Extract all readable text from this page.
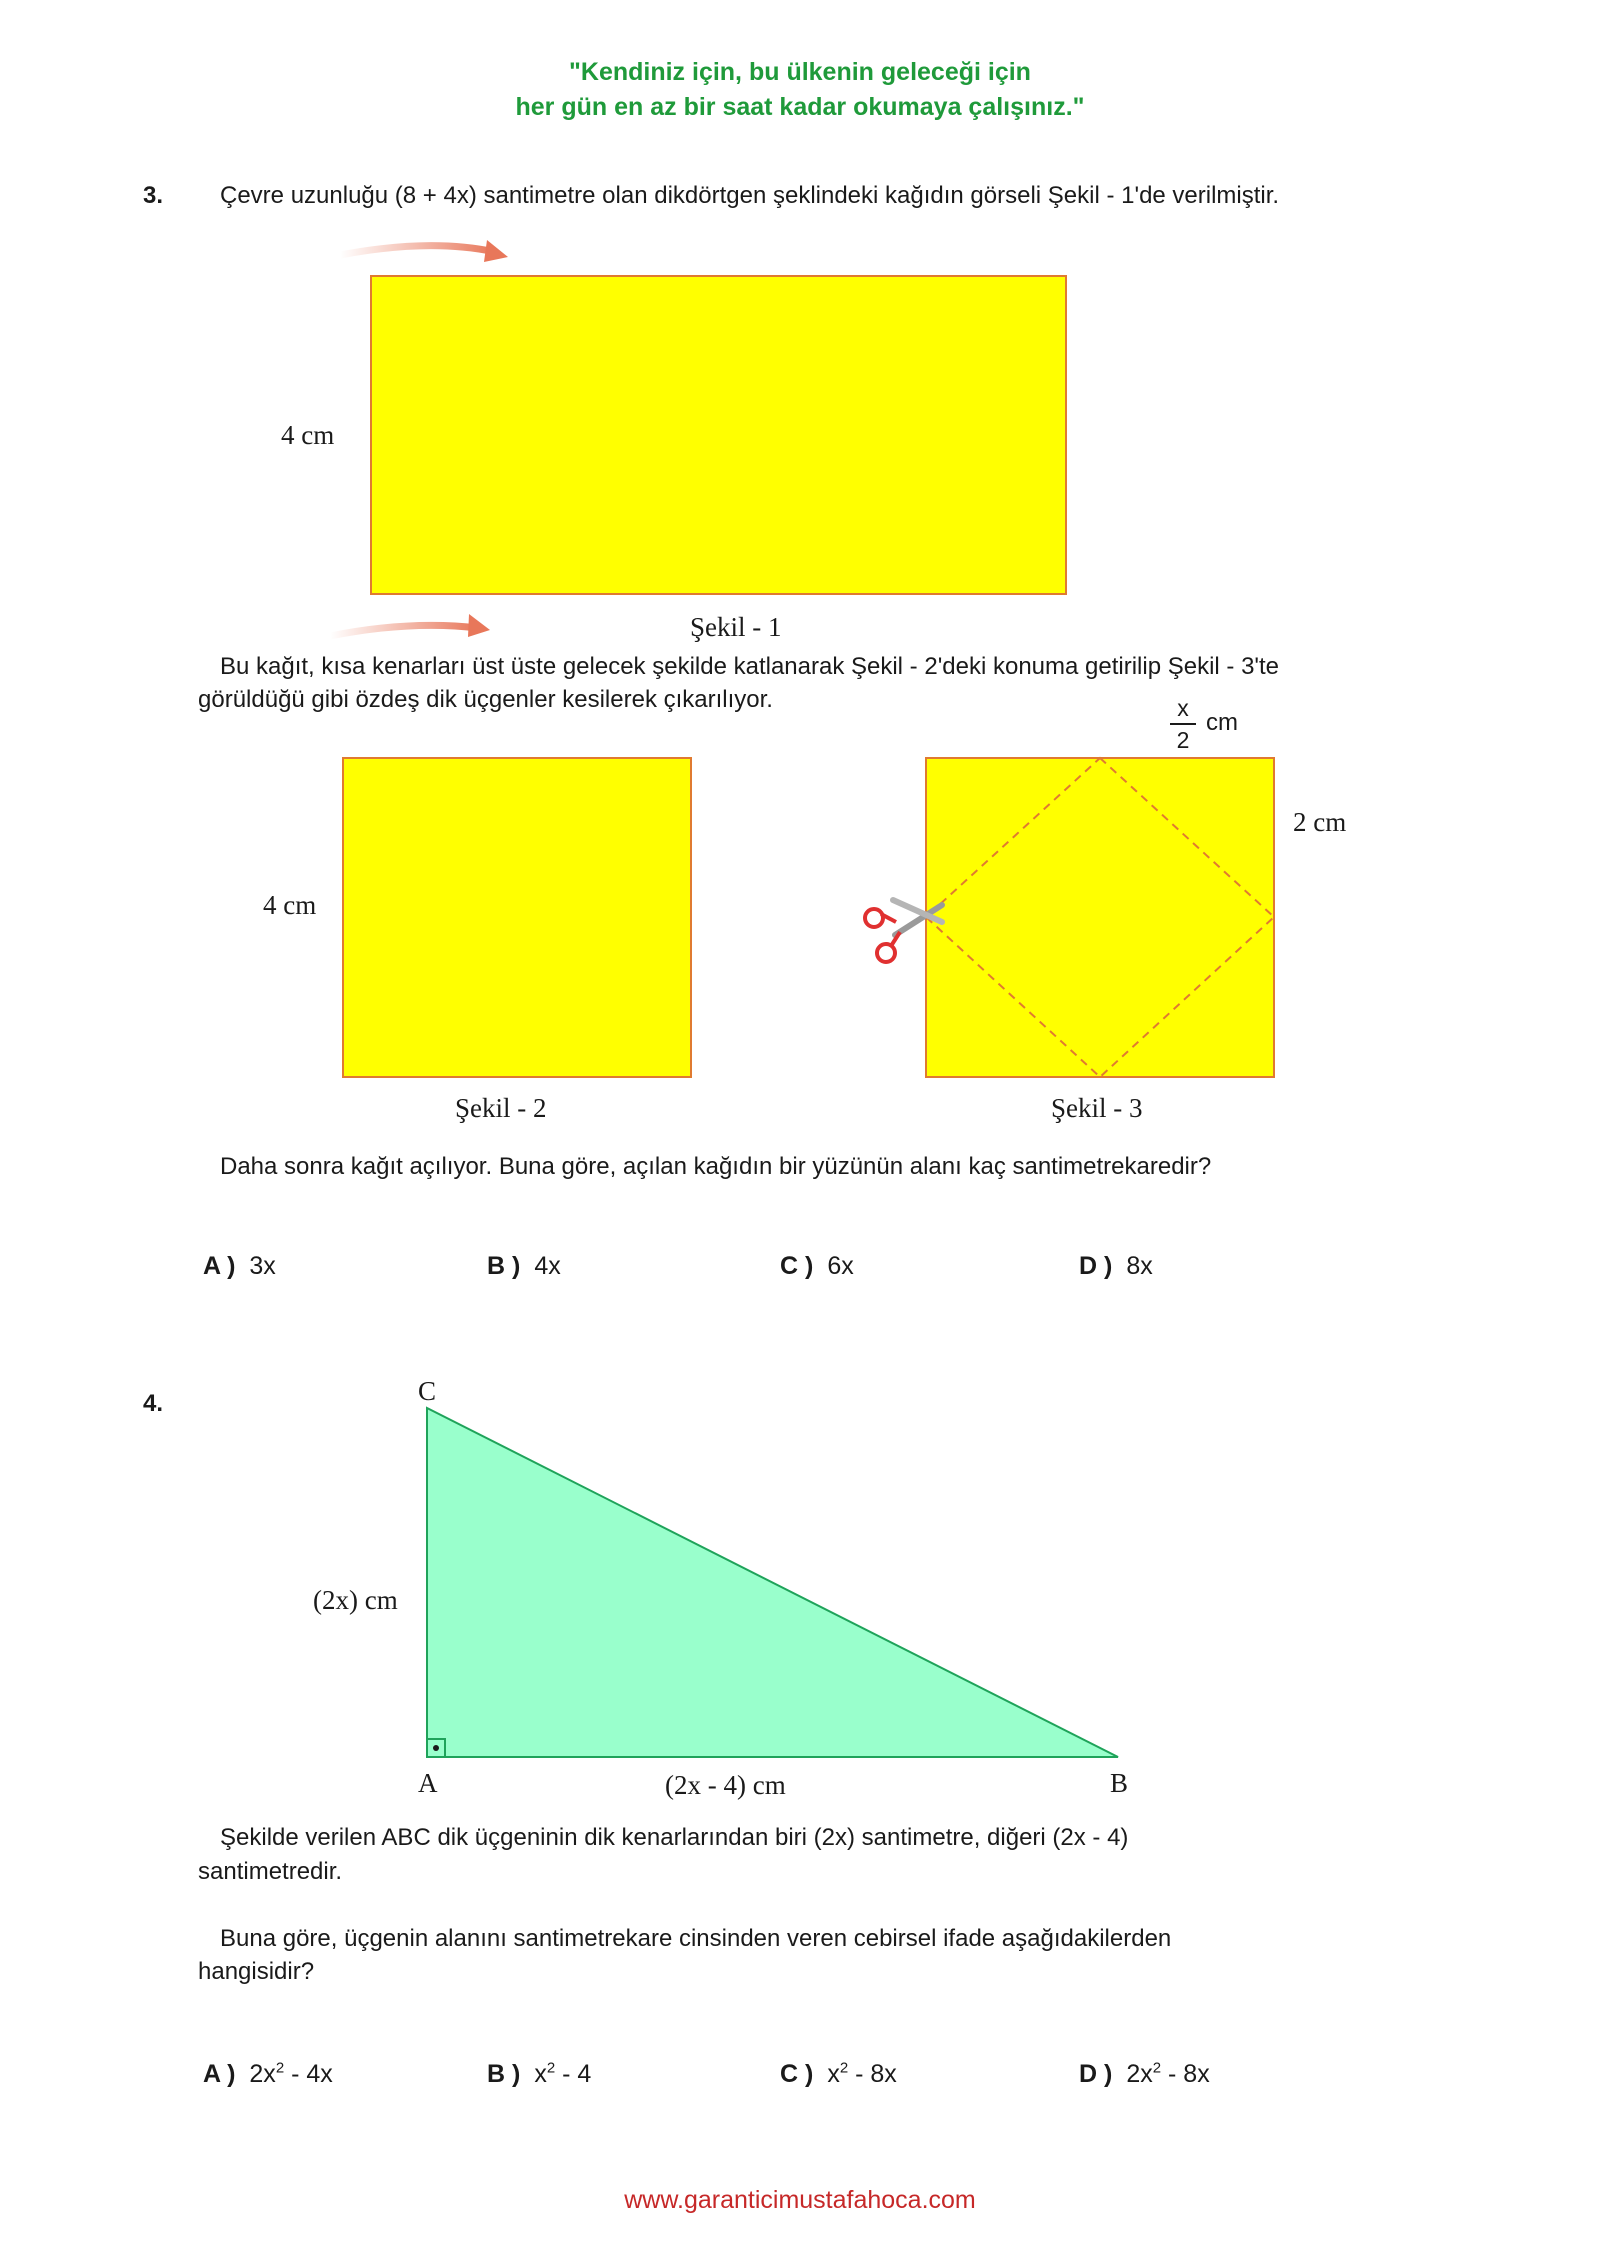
"Kendiniz için, bu ülkenin geleceği için
her gün en az bir saat kadar okumaya çalışınız."
3. Çevre uzunluğu (8 + 4x) santimetre olan dikdörtgen şeklindeki kağıdın görseli Şekil - 1'de verilmiştir.
4 cm
Şekil - 1
Bu kağıt, kısa kenarları üst üste gelecek şekilde katlanarak Şekil - 2'deki konuma getirilip Şekil - 3'te
görüldüğü gibi özdeş dik üçgenler kesilerek çıkarılıyor.
4 cm
Şekil - 2
x
2
cm
2 cm
Şekil - 3
Daha sonra kağıt açılıyor. Buna göre, açılan kağıdın bir yüzünün alanı kaç santimetrekaredir?
A ) 3x	B ) 4x	C ) 6x	D ) 8x
4.	C
A	B
(2x) cm
(2x - 4) cm
Şekilde verilen ABC dik üçgeninin dik kenarlarından biri (2x) santimetre, diğeri (2x - 4)
santimetredir.
Buna göre, üçgenin alanını santimetrekare cinsinden veren cebirsel ifade aşağıdakilerden
hangisidir?
A ) $2x^2 - 4x$	B ) $x^2 - 4$	C ) $x^2 - 8x$	D ) $2x^2 - 8x$
www.garanticimustafahoca.com
